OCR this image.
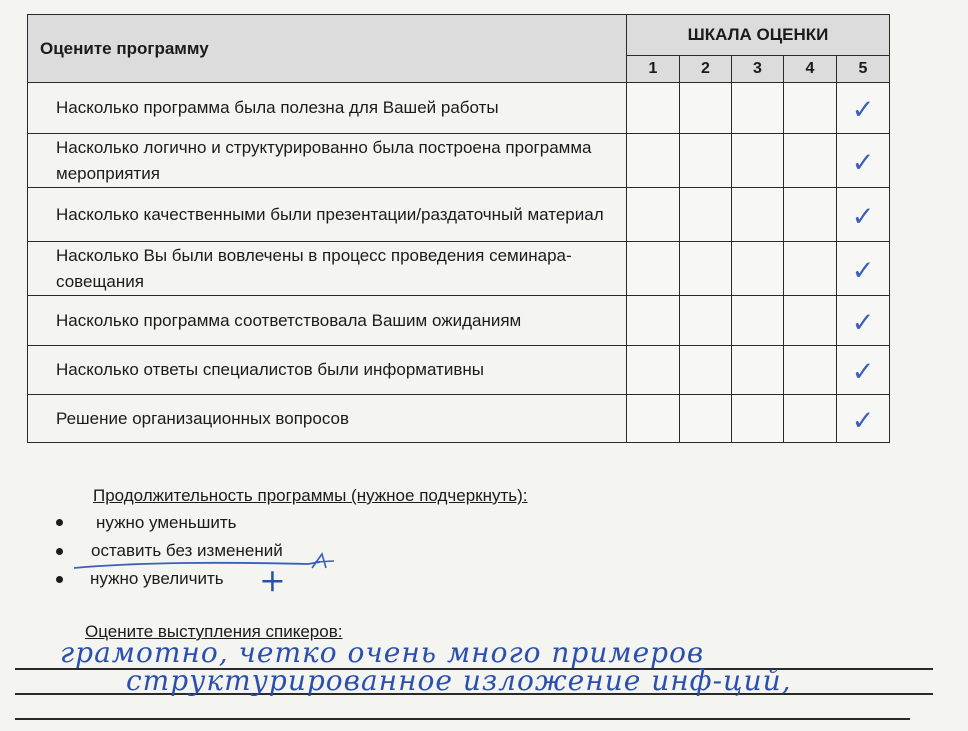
Оцените программу	ШКАЛА ОЦЕНКИ				
	1	2	3	4	5
Насколько программа была полезна для Вашей работы					✓

Насколько логично и структурированно была построена программа мероприятия					✓

Насколько качественными были презентации/раздаточный материал					✓

Насколько Вы были вовлечены в процесс проведения семинара-совещания					✓

Насколько программа соответствовала Вашим ожиданиям					✓

Насколько ответы специалистов были информативны					✓

Решение организационных вопросов					✓
Продолжительность программы (нужное подчеркнуть):
нужно уменьшить
оставить без изменений
нужно увеличить +
Оцените выступления спикеров:
грамотно, четко очень много примеров
структурированное изложение инф-ций,
